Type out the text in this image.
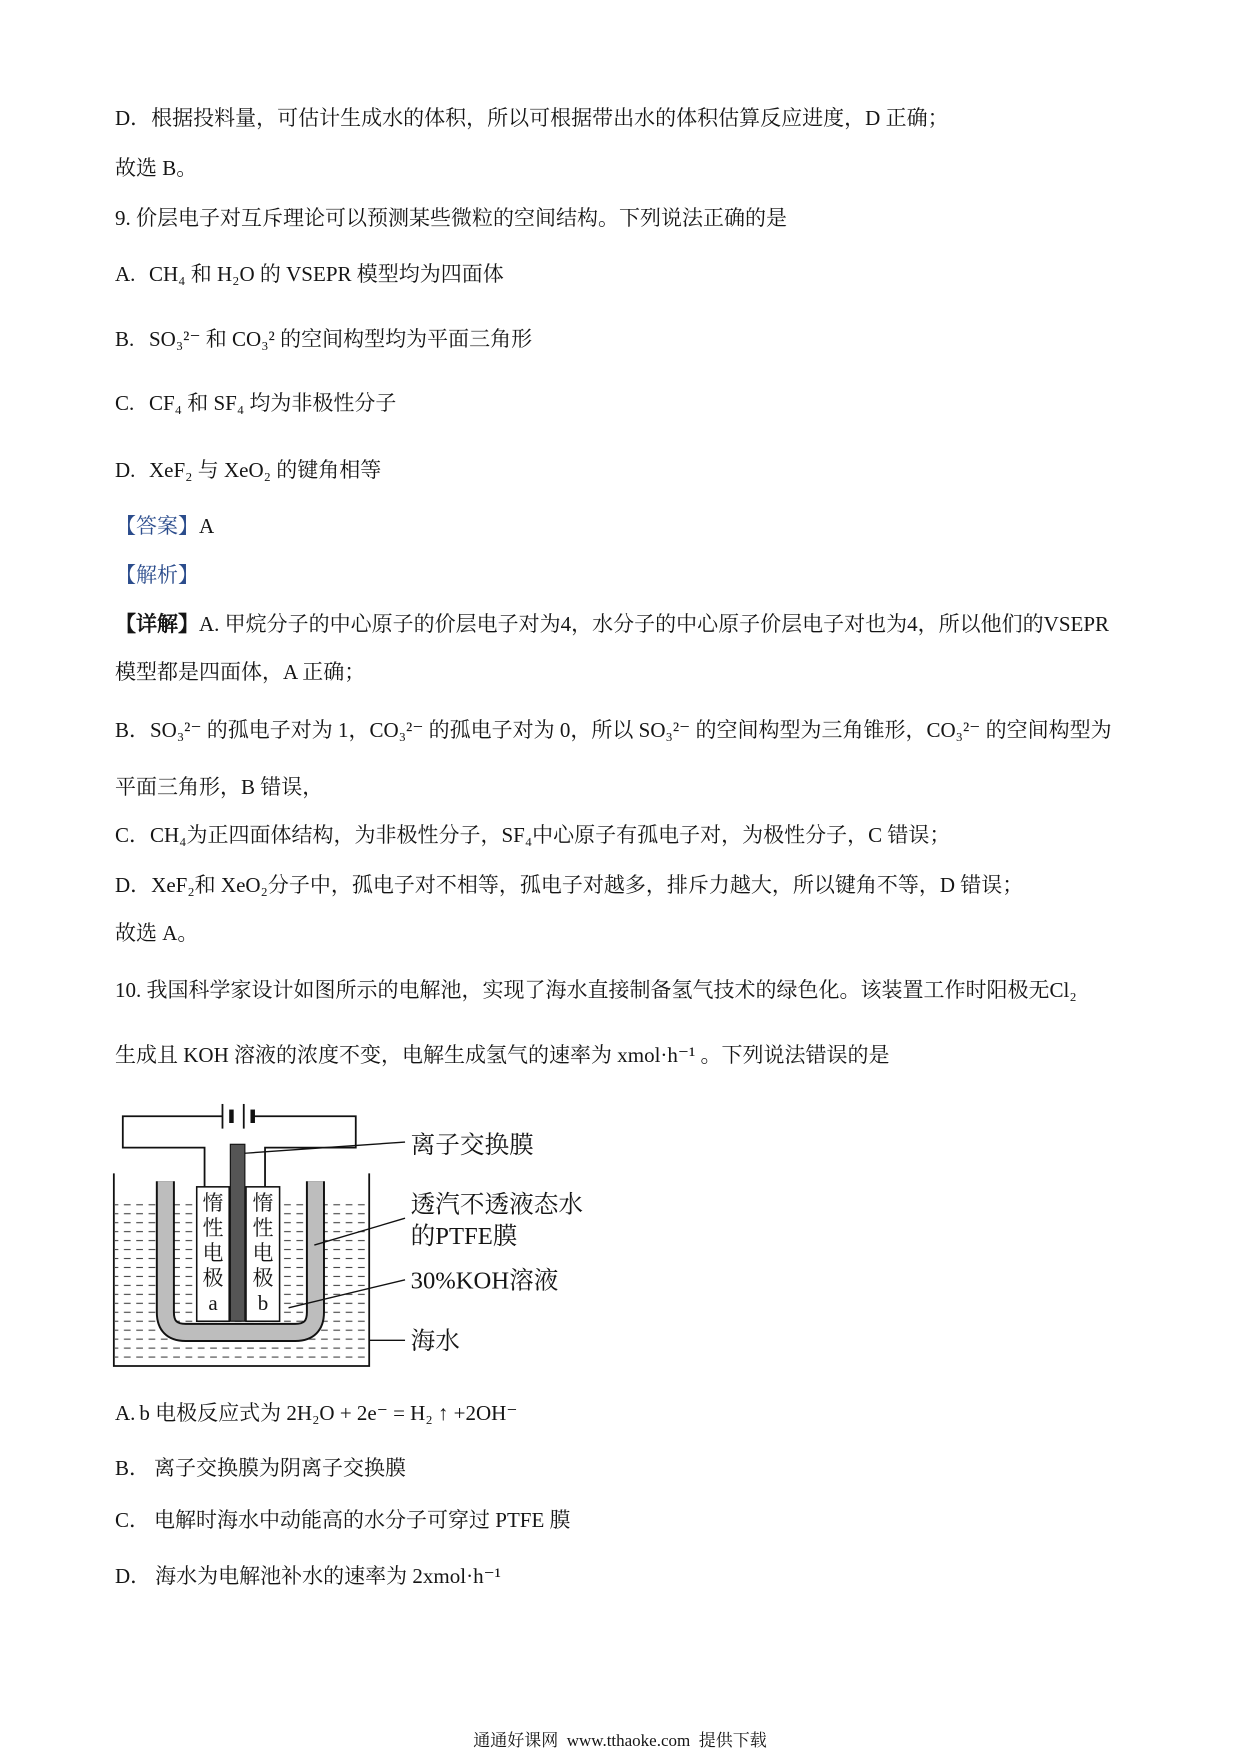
D．根据投料量，可估计生成水的体积，所以可根据带出水的体积估算反应进度，D 正确；
故选 B。
9. 价层电子对互斥理论可以预测某些微粒的空间结构。下列说法正确的是
A. CH₄ 和 H₂O 的 VSEPR 模型均为四面体
B. SO₃²⁻ 和 CO₃² 的空间构型均为平面三角形
C. CF₄ 和 SF₄ 均为非极性分子
D. XeF₂ 与 XeO₂ 的键角相等
【答案】A
【解析】
【详解】A. 甲烷分子的中心原子的价层电子对为4，水分子的中心原子价层电子对也为4，所以他们的VSEPR
模型都是四面体，A 正确；
B．SO₃²⁻ 的孤电子对为 1，CO₃²⁻ 的孤电子对为 0，所以 SO₃²⁻ 的空间构型为三角锥形，CO₃²⁻ 的空间构型为
平面三角形，B 错误，
C．CH₄为正四面体结构，为非极性分子，SF₄中心原子有孤电子对，为极性分子，C 错误；
D．XeF₂和 XeO₂分子中，孤电子对不相等，孤电子对越多，排斥力越大，所以键角不等，D 错误；
故选 A。
10. 我国科学家设计如图所示的电解池，实现了海水直接制备氢气技术的绿色化。该装置工作时阳极无Cl₂
生成且 KOH 溶液的浓度不变，电解生成氢气的速率为 xmol·h⁻¹ 。下列说法错误的是
离子交换膜
透汽不透液态水
的PTFE膜
30%KOH溶液
海水
惰性电极a
惰性电极b
A. b 电极反应式为 2H₂O + 2e⁻ = H₂ ↑ +2OH⁻
B． 离子交换膜为阴离子交换膜
C． 电解时海水中动能高的水分子可穿过 PTFE 膜
D． 海水为电解池补水的速率为 2xmol·h⁻¹
通通好课网  www.tthaoke.com  提供下载
